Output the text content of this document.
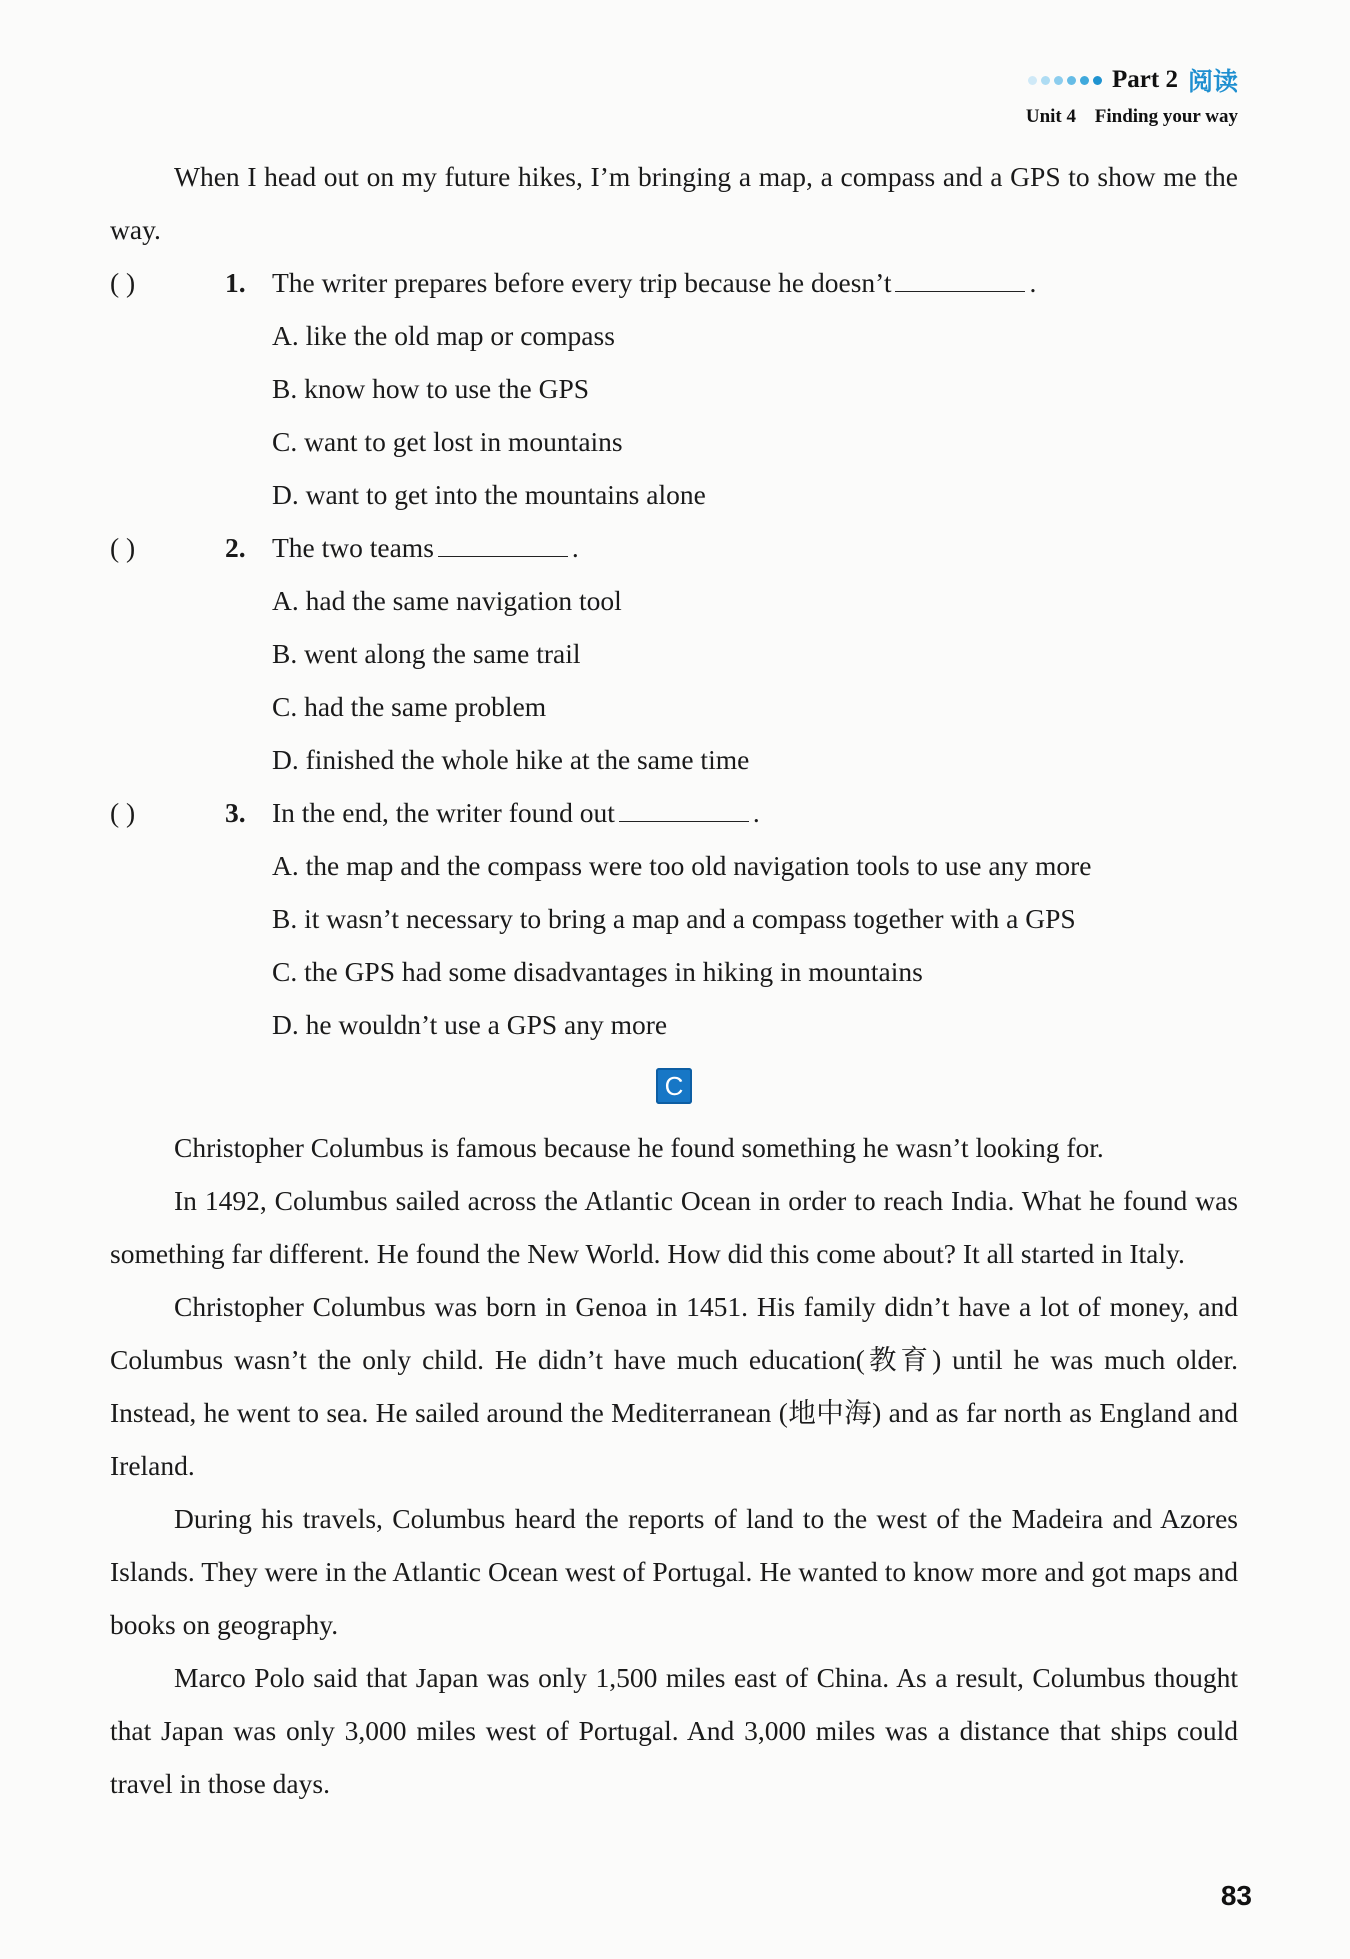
Part 2 阅读
Unit 4 Finding your way

When I head out on my future hikes, I’m bringing a map, a compass and a GPS to show me the way.

( )	1. The writer prepares before every trip because he doesn’t	.
A. like the old map or compass
B. know how to use the GPS
C. want to get lost in mountains
D. want to get into the mountains alone
( )	2. The two teams	.
A. had the same navigation tool
B. went along the same trail
C. had the same problem
D. finished the whole hike at the same time
( )	3. In the end, the writer found out	.
A. the map and the compass were too old navigation tools to use any more
B. it wasn’t necessary to bring a map and a compass together with a GPS
C. the GPS had some disadvantages in hiking in mountains
D. he wouldn’t use a GPS any more
C

Christopher Columbus is famous because he found something he wasn’t looking for.

In 1492, Columbus sailed across the Atlantic Ocean in order to reach India. What he found was something far different. He found the New World. How did this come about? It all started in Italy.

Christopher Columbus was born in Genoa in 1451. His family didn’t have a lot of money, and Columbus wasn’t the only child. He didn’t have much education(教育) until he was much older. Instead, he went to sea. He sailed around the Mediterranean (地中海) and as far north as England and Ireland.

During his travels, Columbus heard the reports of land to the west of the Madeira and Azores Islands. They were in the Atlantic Ocean west of Portugal. He wanted to know more and got maps and books on geography.

Marco Polo said that Japan was only 1,500 miles east of China. As a result, Columbus thought that Japan was only 3,000 miles west of Portugal. And 3,000 miles was a distance that ships could travel in those days.

83
